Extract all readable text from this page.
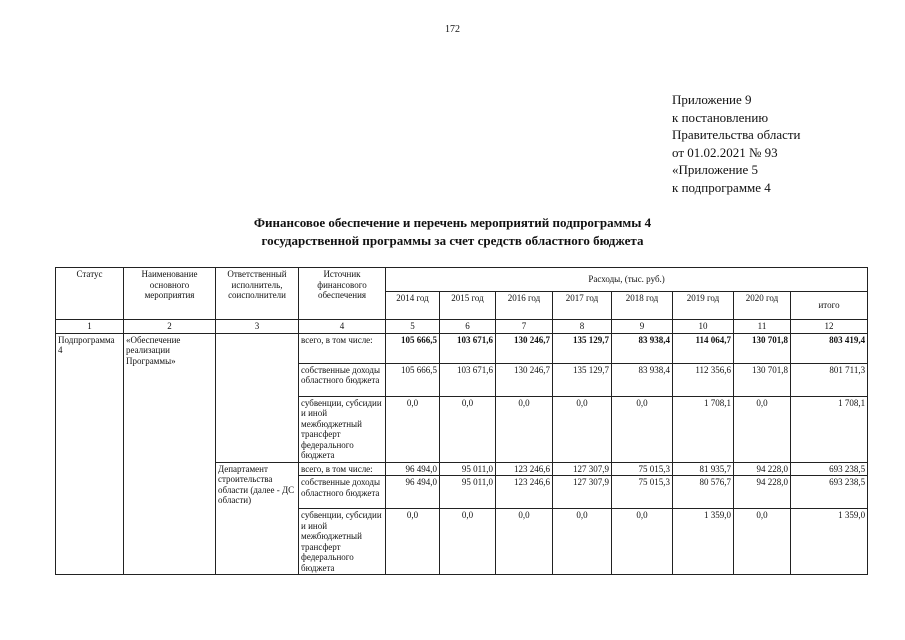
172
Приложение 9
к постановлению
Правительства области
от 01.02.2021 № 93
«Приложение 5
к подпрограмме 4
Финансовое обеспечение и перечень мероприятий подпрограммы 4
государственной программы за счет средств областного бюджета
Статус	Наименование основного мероприятия	Ответственный исполнитель, соисполнители	Источник финансового обеспечения	Расходы, (тыс. руб.)							
				2014 год	2015 год	2016 год	2017 год	2018 год	2019 год	2020 год	итого
1	2	3	4	5	6	7	8	9	10	11	12
Подпрограмма 4	«Обеспечение реализации Программы»		всего, в том числе:	105 666,5	103 671,6	130 246,7	135 129,7	83 938,4	114 064,7	130 701,8	803 419,4
			собственные доходы областного бюджета	105 666,5	103 671,6	130 246,7	135 129,7	83 938,4	112 356,6	130 701,8	801 711,3
			субвенции, субсидии и иной межбюджетный трансферт федерального бюджета	0,0	0,0	0,0	0,0	0,0	1 708,1	0,0	1 708,1
		Департамент строительства области (далее - ДС области)	всего, в том числе:	96 494,0	95 011,0	123 246,6	127 307,9	75 015,3	81 935,7	94 228,0	693 238,5
			собственные доходы областного бюджета	96 494,0	95 011,0	123 246,6	127 307,9	75 015,3	80 576,7	94 228,0	693 238,5
			субвенции, субсидии и иной межбюджетный трансферт федерального бюджета	0,0	0,0	0,0	0,0	0,0	1 359,0	0,0	1 359,0
